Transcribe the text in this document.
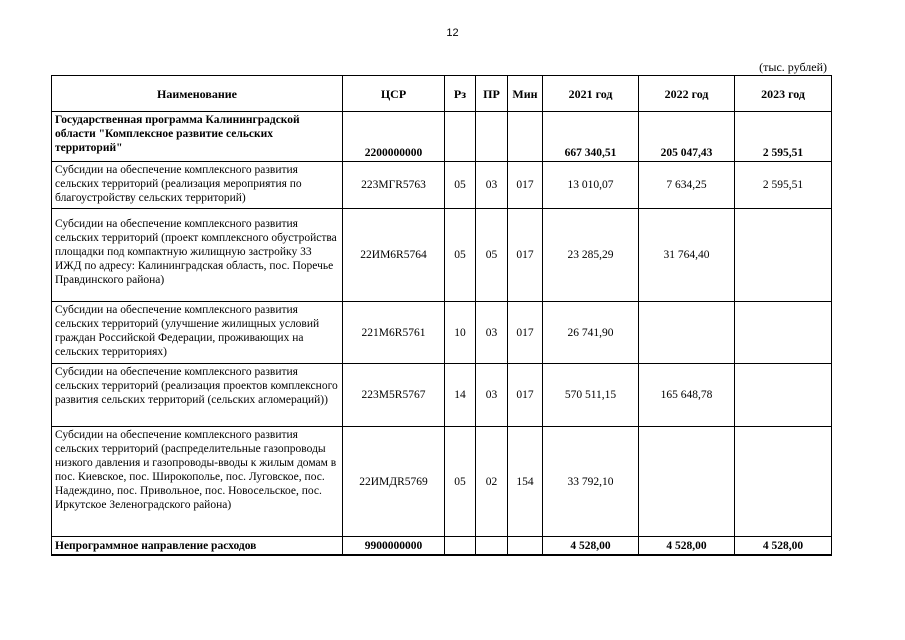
12
(тыс. рублей)
Наименование	ЦСР	Рз	ПР	Мин	2021 год	2022 год	2023 год
Государственная программа Калининградской области "Комплексное развитие сельских территорий"	2200000000				667 340,51	205 047,43	2 595,51
Субсидии на обеспечение комплексного развития сельских территорий (реализация мероприятия по благоустройству сельских территорий)	223МГR5763	05	03	017	13 010,07	7 634,25	2 595,51
Субсидии на обеспечение комплексного развития сельских территорий (проект комплексного обустройства площадки под компактную жилищную застройку 33 ИЖД по адресу: Калининградская область, пос. Поречье Правдинского района)	22ИМ6R5764	05	05	017	23 285,29	31 764,40	
Субсидии на обеспечение комплексного развития сельских территорий (улучшение жилищных условий граждан Российской Федерации, проживающих на сельских территориях)	221М6R5761	10	03	017	26 741,90		
Субсидии на обеспечение комплексного развития сельских территорий (реализация проектов комплексного развития сельских территорий (сельских агломераций))	223М5R5767	14	03	017	570 511,15	165 648,78	
Субсидии на обеспечение комплексного развития сельских территорий (распределительные газопроводы низкого давления и газопроводы-вводы к жилым домам в пос. Киевское, пос. Широкополье, пос. Луговское, пос. Надеждино, пос. Привольное, пос. Новосельское, пос. Иркутское Зеленоградского района)	22ИМДR5769	05	02	154	33 792,10		
Непрограммное направление расходов	9900000000				4 528,00	4 528,00	4 528,00
